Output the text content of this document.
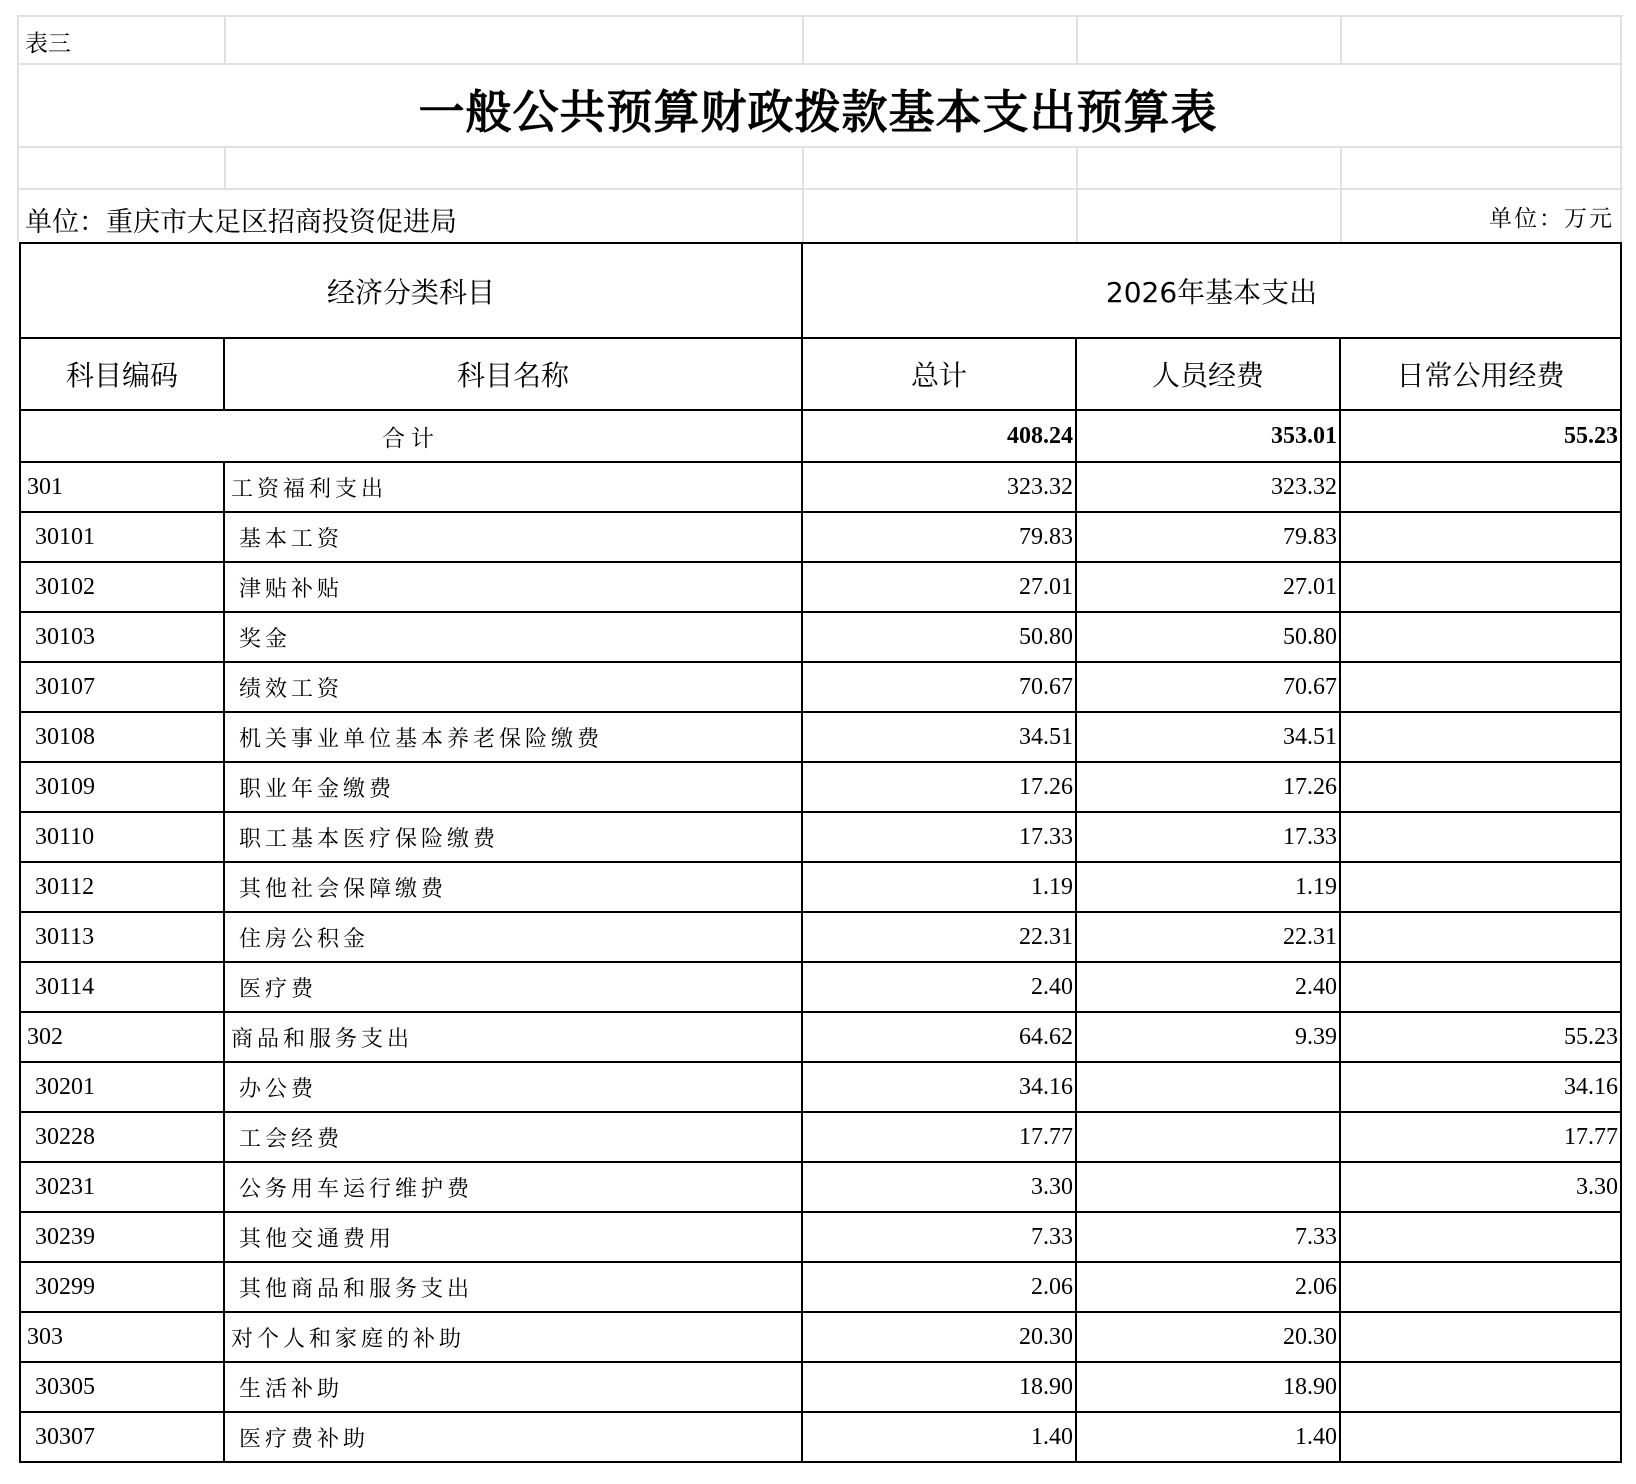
表三
一般公共预算财政拨款基本支出预算表
单位：重庆市大足区招商投资促进局	单位：万元
经济分类科目		2026年基本支出		
科目编码	科目名称	总计	人员经费	日常公用经费
合计		408.24	353.01	55.23
301	工资福利支出	323.32	323.32	
30101	基本工资	79.83	79.83	
30102	津贴补贴	27.01	27.01	
30103	奖金	50.80	50.80	
30107	绩效工资	70.67	70.67	
30108	机关事业单位基本养老保险缴费	34.51	34.51	
30109	职业年金缴费	17.26	17.26	
30110	职工基本医疗保险缴费	17.33	17.33	
30112	其他社会保障缴费	1.19	1.19	
30113	住房公积金	22.31	22.31	
30114	医疗费	2.40	2.40	
302	商品和服务支出	64.62	9.39	55.23
30201	办公费	34.16		34.16
30228	工会经费	17.77		17.77
30231	公务用车运行维护费	3.30		3.30
30239	其他交通费用	7.33	7.33	
30299	其他商品和服务支出	2.06	2.06	
303	对个人和家庭的补助	20.30	20.30	
30305	生活补助	18.90	18.90	
30307	医疗费补助	1.40	1.40	
